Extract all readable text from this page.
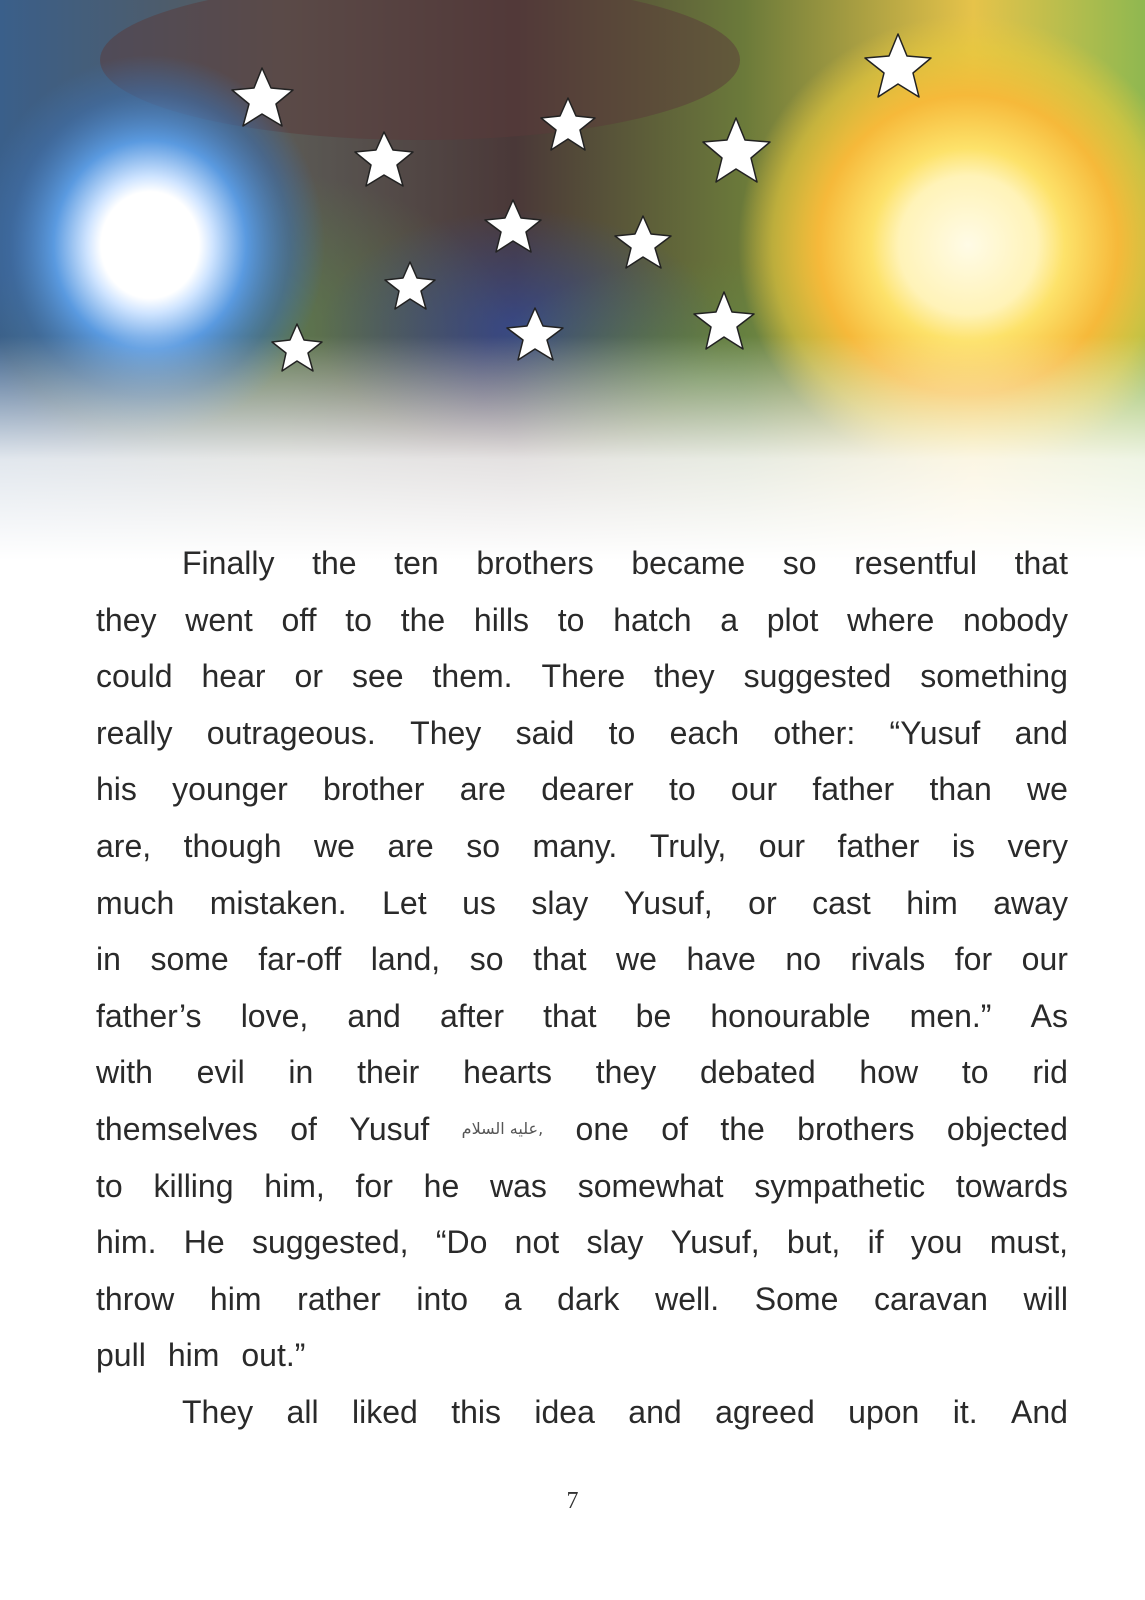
Finally the ten brothers became so resentful that
they went off to the hills to hatch a plot where nobody
could hear or see them. There they suggested something
really outrageous. They said to each other: “Yusuf and
his younger brother are dearer to our father than we
are, though we are so many. Truly, our father is very
much mistaken. Let us slay Yusuf, or cast him away
in some far-off land, so that we have no rivals for our
father’s love, and after that be honourable men.” As
with evil in their hearts they debated how to rid
themselves of Yusuf عليه السلام, one of the brothers objected
to killing him, for he was somewhat sympathetic towards
him. He suggested, “Do not slay Yusuf, but, if you must,
throw him rather into a dark well. Some caravan will
pull him out.”
They all liked this idea and agreed upon it. And
7
